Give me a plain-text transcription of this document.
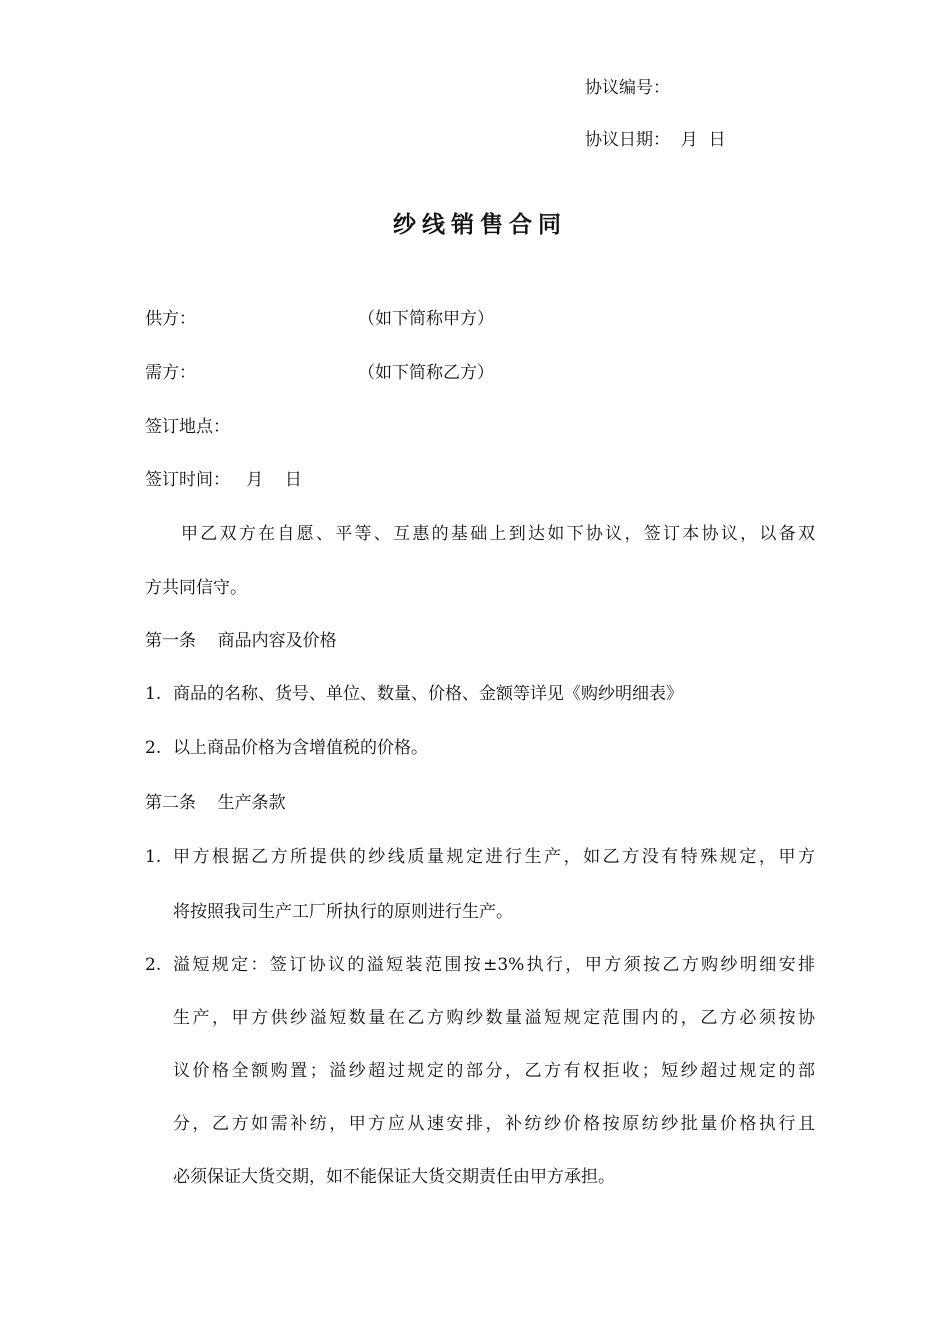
协议编号：
协议日期：  月  日
纱线销售合同
供方：	（如下简称甲方）
需方：	（如下简称乙方）
签订地点：
签订时间：   月    日
甲乙双方在自愿、平等、互惠的基础上到达如下协议，签订本协议，以备双
方共同信守。
第一条    商品内容及价格
1. 商品的名称、货号、单位、数量、价格、金额等详见《购纱明细表》
2. 以上商品价格为含增值税的价格。
第二条    生产条款
1. 甲方根据乙方所提供的纱线质量规定进行生产，如乙方没有特殊规定，甲方
将按照我司生产工厂所执行的原则进行生产。
2. 溢短规定：签订协议的溢短装范围按±3%执行，甲方须按乙方购纱明细安排
生产，甲方供纱溢短数量在乙方购纱数量溢短规定范围内的，乙方必须按协
议价格全额购置；溢纱超过规定的部分，乙方有权拒收；短纱超过规定的部
分，乙方如需补纺，甲方应从速安排，补纺纱价格按原纺纱批量价格执行且
必须保证大货交期，如不能保证大货交期责任由甲方承担。
